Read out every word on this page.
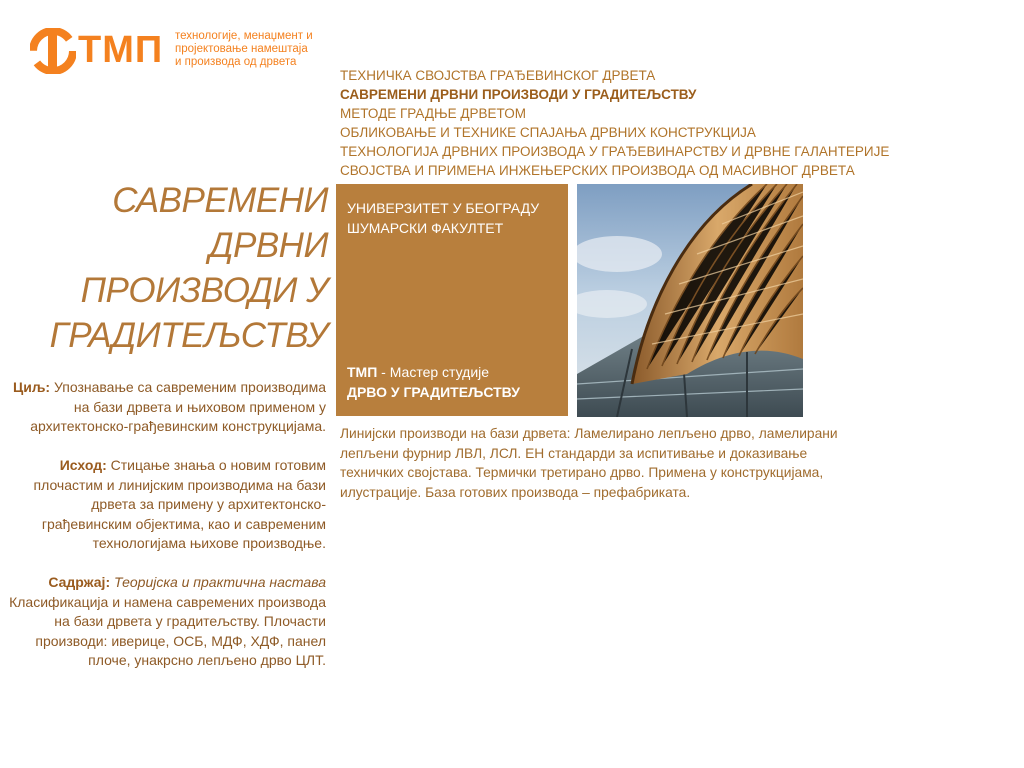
ТМП технологије, менаџмент и
пројектовање намештаја
и производа од дрвета
ТЕХНИЧКА СВОЈСТВА ГРАЂЕВИНСКОГ ДРВЕТА
САВРЕМЕНИ ДРВНИ ПРОИЗВОДИ У ГРАДИТЕЉСТВУ
МЕТОДЕ ГРАДЊЕ ДРВЕТОМ
ОБЛИКОВАЊЕ И ТЕХНИКЕ СПАЈАЊА ДРВНИХ КОНСТРУКЦИЈА
ТЕХНОЛОГИЈА ДРВНИХ ПРОИЗВОДА У ГРАЂЕВИНАРСТВУ И ДРВНЕ ГАЛАНТЕРИЈЕ
СВОЈСТВА И ПРИМЕНА ИНЖЕЊЕРСКИХ ПРОИЗВОДА ОД МАСИВНОГ ДРВЕТА
САВРЕМЕНИ
ДРВНИ
ПРОИЗВОДИ У
ГРАДИТЕЉСТВУ

Циљ: Упознавање са савременим производима на бази дрвета и њиховом применом у архитектонско-грађевинским конструкцијама.

Исход: Стицање знања о новим готовим плочастим и линијским производима на бази дрвета за примену у архитектонско-грађевинским објектима, као и савременим технологијама њихове производње.

Садржај: Теоријска и практична настава
Класификација и намена савремених производа на бази дрвета у градитељству. Плочасти производи: иверице, ОСБ, МДФ, ХДФ, панел плоче, унакрсно лепљено дрво ЦЛТ.

УНИВЕРЗИТЕТ У БЕОГРАДУ
ШУМАРСКИ ФАКУЛТЕТ
ТМП - Мастер студије
ДРВО У ГРАДИТЕЉСТВУ
Линијски производи на бази дрвета: Ламелирано лепљено дрво, ламелирани лепљени фурнир ЛВЛ, ЛСЛ. ЕН стандарди за испитивање и доказивање техничких својстава. Термички третирано дрво. Примена у конструкцијама, илустрације. База готових производа – префабриката.
